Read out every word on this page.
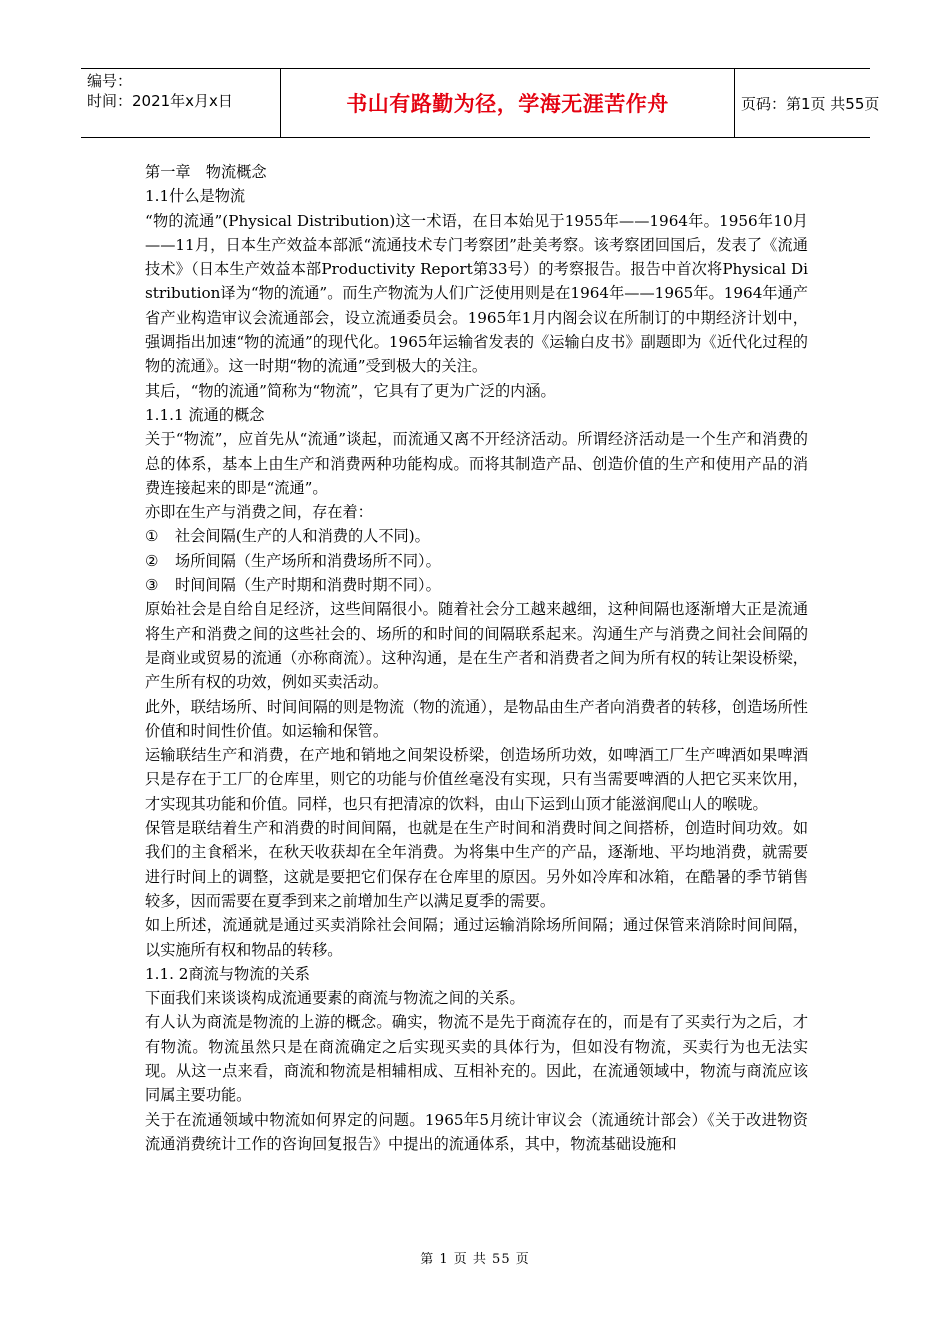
编号：
时间：2021年x月x日	书山有路勤为径，学海无涯苦作舟	页码：第1页 共55页

第一章　物流概念

1.1什么是物流

“物的流通”(Physical Distribution)这一术语，在日本始见于1955年——1964年。1956年10月——11月，日本生产效益本部派“流通技术专门考察团”赴美考察。该考察团回国后，发表了《流通技术》（日本生产效益本部Productivity Report第33号）的考察报告。报告中首次将Physical Distribution译为“物的流通”。而生产物流为人们广泛使用则是在1964年——1965年。1964年通产省产业构造审议会流通部会，设立流通委员会。1965年1月内阁会议在所制订的中期经济计划中，强调指出加速“物的流通”的现代化。1965年运输省发表的《运输白皮书》副题即为《近代化过程的物的流通》。这一时期“物的流通”受到极大的关注。

其后，“物的流通”简称为“物流”，它具有了更为广泛的内涵。

1.1.1 流通的概念

关于“物流”，应首先从“流通”谈起，而流通又离不开经济活动。所谓经济活动是一个生产和消费的总的体系，基本上由生产和消费两种功能构成。而将其制造产品、创造价值的生产和使用产品的消费连接起来的即是“流通”。

亦即在生产与消费之间，存在着：

①	社会间隔(生产的人和消费的人不同)。
②	场所间隔（生产场所和消费场所不同）。
③	时间间隔（生产时期和消费时期不同）。

原始社会是自给自足经济，这些间隔很小。随着社会分工越来越细，这种间隔也逐渐增大正是流通将生产和消费之间的这些社会的、场所的和时间的间隔联系起来。沟通生产与消费之间社会间隔的是商业或贸易的流通（亦称商流）。这种沟通，是在生产者和消费者之间为所有权的转让架设桥梁，产生所有权的功效，例如买卖活动。

此外，联结场所、时间间隔的则是物流（物的流通），是物品由生产者向消费者的转移，创造场所性价值和时间性价值。如运输和保管。

运输联结生产和消费，在产地和销地之间架设桥梁，创造场所功效，如啤酒工厂生产啤酒如果啤酒只是存在于工厂的仓库里，则它的功能与价值丝毫没有实现，只有当需要啤酒的人把它买来饮用，才实现其功能和价值。同样，也只有把清凉的饮料，由山下运到山顶才能滋润爬山人的喉咙。

保管是联结着生产和消费的时间间隔，也就是在生产时间和消费时间之间搭桥，创造时间功效。如我们的主食稻米，在秋天收获却在全年消费。为将集中生产的产品，逐渐地、平均地消费，就需要进行时间上的调整，这就是要把它们保存在仓库里的原因。另外如冷库和冰箱，在酷暑的季节销售较多，因而需要在夏季到来之前增加生产以满足夏季的需要。

如上所述，流通就是通过买卖消除社会间隔；通过运输消除场所间隔；通过保管来消除时间间隔，以实施所有权和物品的转移。

1.1. 2商流与物流的关系

下面我们来谈谈构成流通要素的商流与物流之间的关系。

有人认为商流是物流的上游的概念。确实，物流不是先于商流存在的，而是有了买卖行为之后，才有物流。物流虽然只是在商流确定之后实现买卖的具体行为，但如没有物流，买卖行为也无法实现。从这一点来看，商流和物流是相辅相成、互相补充的。因此，在流通领域中，物流与商流应该同属主要功能。

关于在流通领域中物流如何界定的问题。1965年5月统计审议会（流通统计部会）《关于改进物资流通消费统计工作的咨询回复报告》中提出的流通体系，其中，物流基础设施和

第 1 页 共 55 页
